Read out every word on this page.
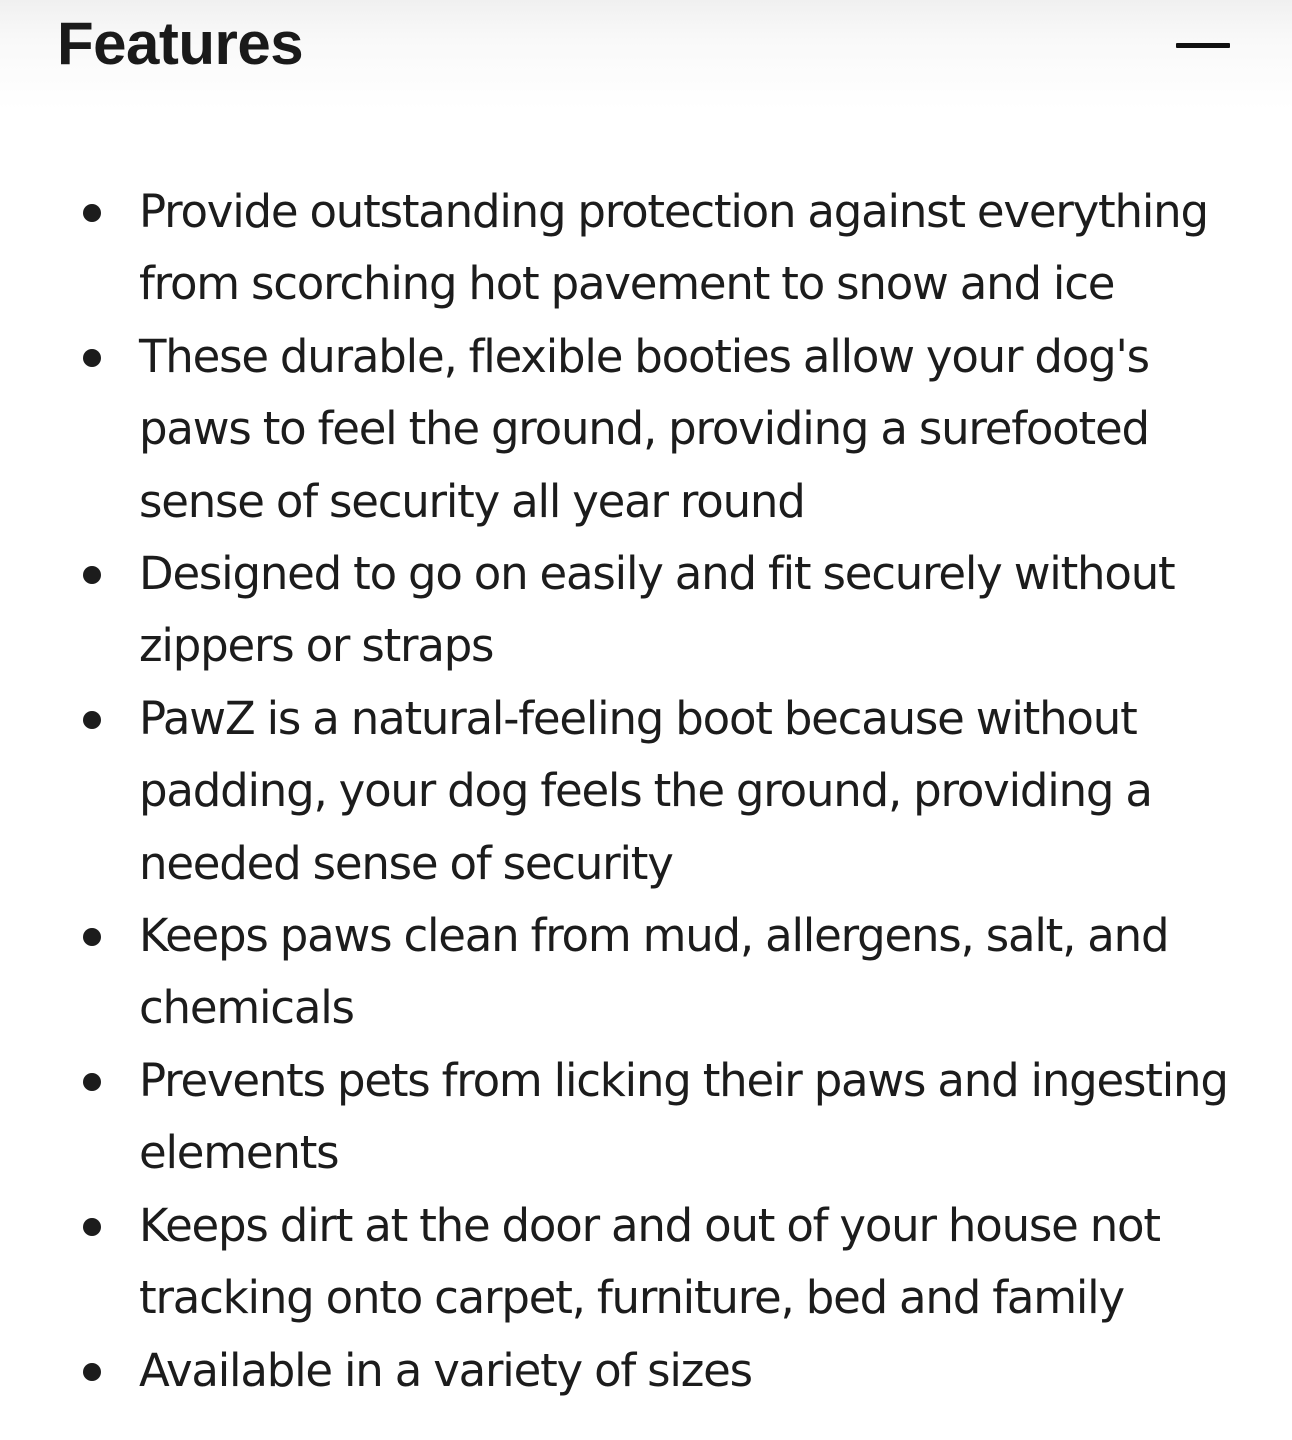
Features
Provide outstanding protection against everything from scorching hot pavement to snow and ice
These durable, flexible booties allow your dog's paws to feel the ground, providing a surefooted sense of security all year round
Designed to go on easily and fit securely without zippers or straps
PawZ is a natural-feeling boot because without padding, your dog feels the ground, providing a needed sense of security
Keeps paws clean from mud, allergens, salt, and chemicals
Prevents pets from licking their paws and ingesting elements
Keeps dirt at the door and out of your house not tracking onto carpet, furniture, bed and family
Available in a variety of sizes
